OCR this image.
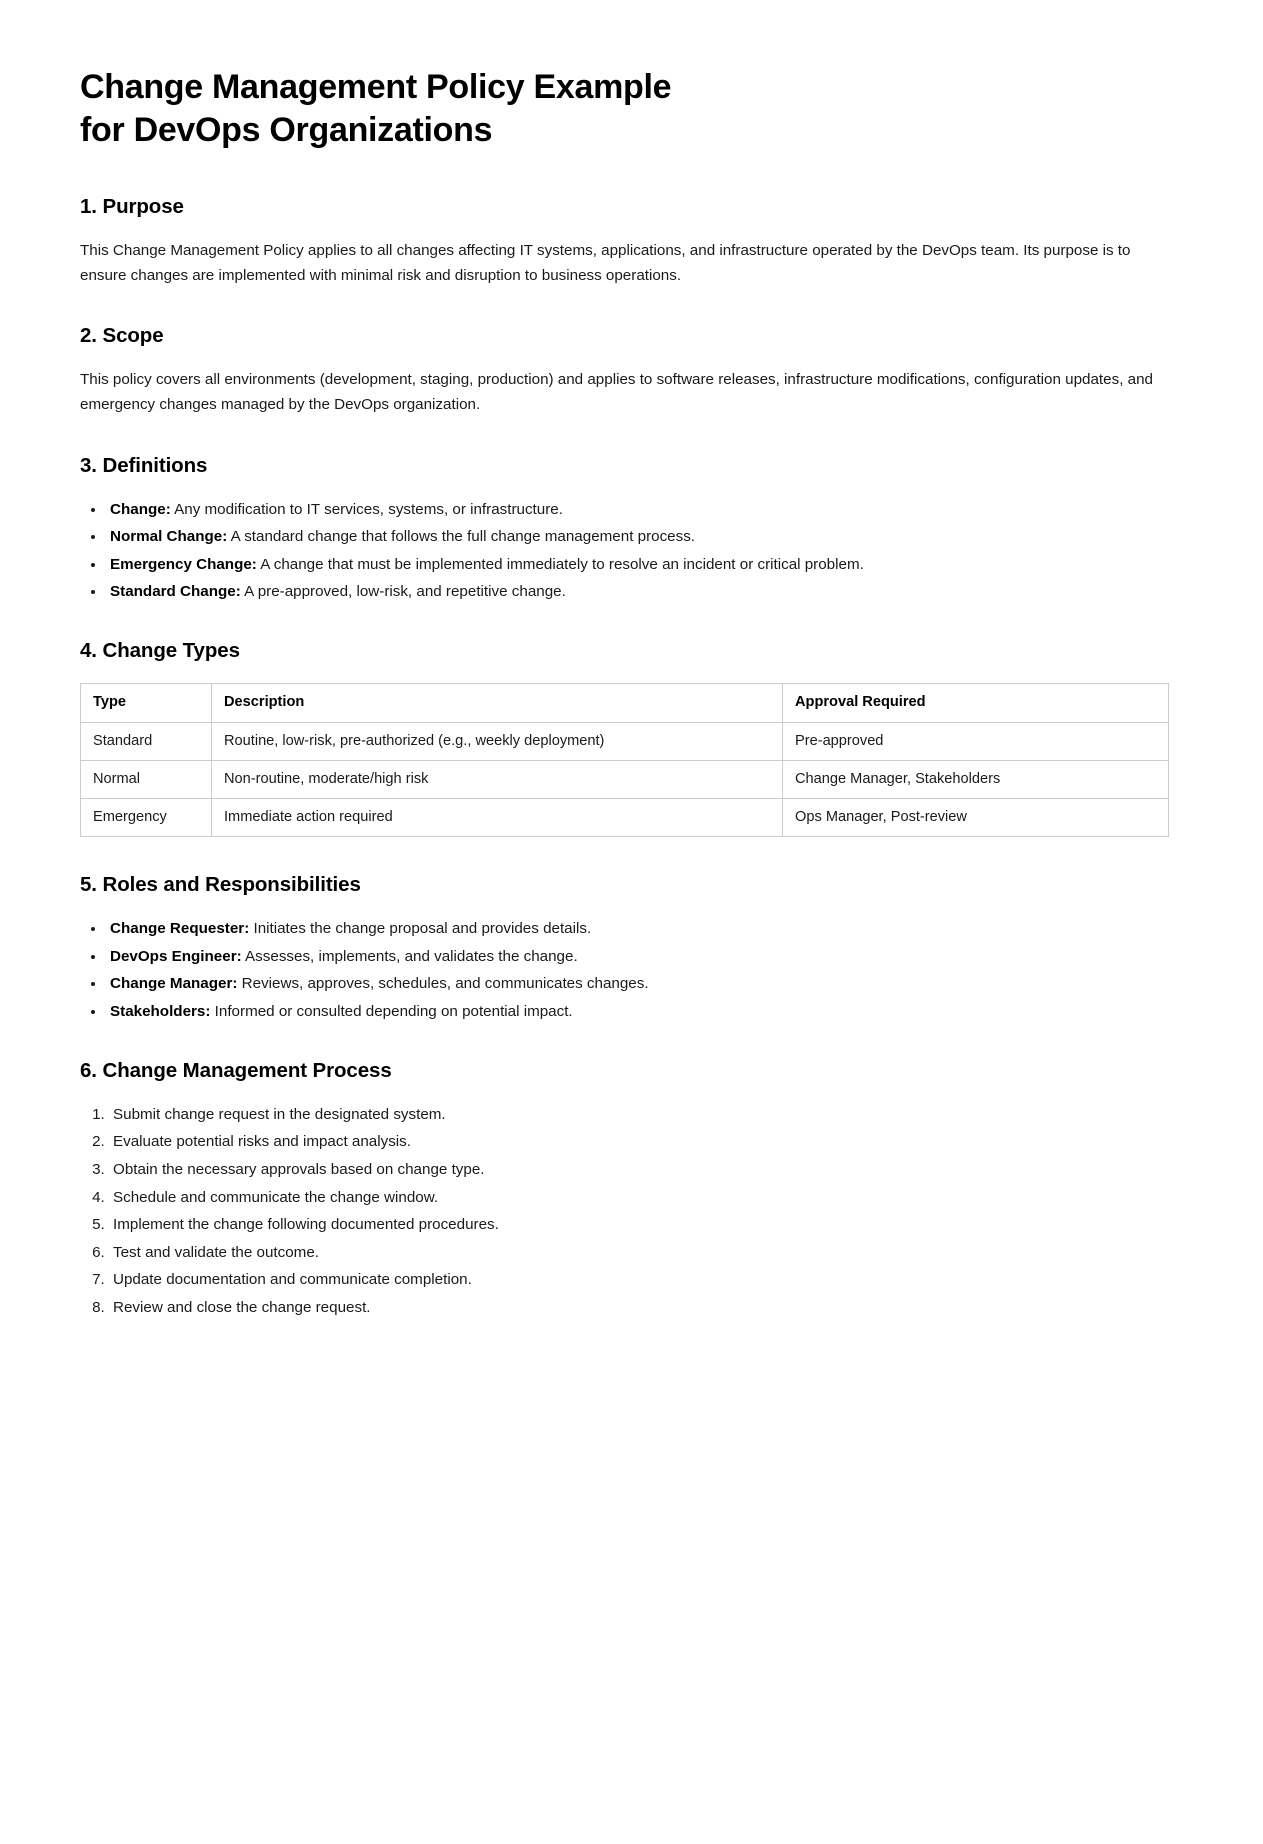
Change Management Policy Example
for DevOps Organizations
1. Purpose

This Change Management Policy applies to all changes affecting IT systems, applications, and infrastructure operated by the DevOps team. Its purpose is to ensure changes are implemented with minimal risk and disruption to business operations.

2. Scope

This policy covers all environments (development, staging, production) and applies to software releases, infrastructure modifications, configuration updates, and emergency changes managed by the DevOps organization.

3. Definitions
• Change: Any modification to IT services, systems, or infrastructure.
• Normal Change: A standard change that follows the full change management process.
• Emergency Change: A change that must be implemented immediately to resolve an incident or critical problem.
• Standard Change: A pre-approved, low-risk, and repetitive change.
4. Change Types
Type	Description	Approval Required
Standard	Routine, low-risk, pre-authorized (e.g., weekly deployment)	Pre-approved
Normal	Non-routine, moderate/high risk	Change Manager, Stakeholders
Emergency	Immediate action required	Ops Manager, Post-review
5. Roles and Responsibilities
• Change Requester: Initiates the change proposal and provides details.
• DevOps Engineer: Assesses, implements, and validates the change.
• Change Manager: Reviews, approves, schedules, and communicates changes.
• Stakeholders: Informed or consulted depending on potential impact.
6. Change Management Process
1. Submit change request in the designated system.
2. Evaluate potential risks and impact analysis.
3. Obtain the necessary approvals based on change type.
4. Schedule and communicate the change window.
5. Implement the change following documented procedures.
6. Test and validate the outcome.
7. Update documentation and communicate completion.
8. Review and close the change request.
